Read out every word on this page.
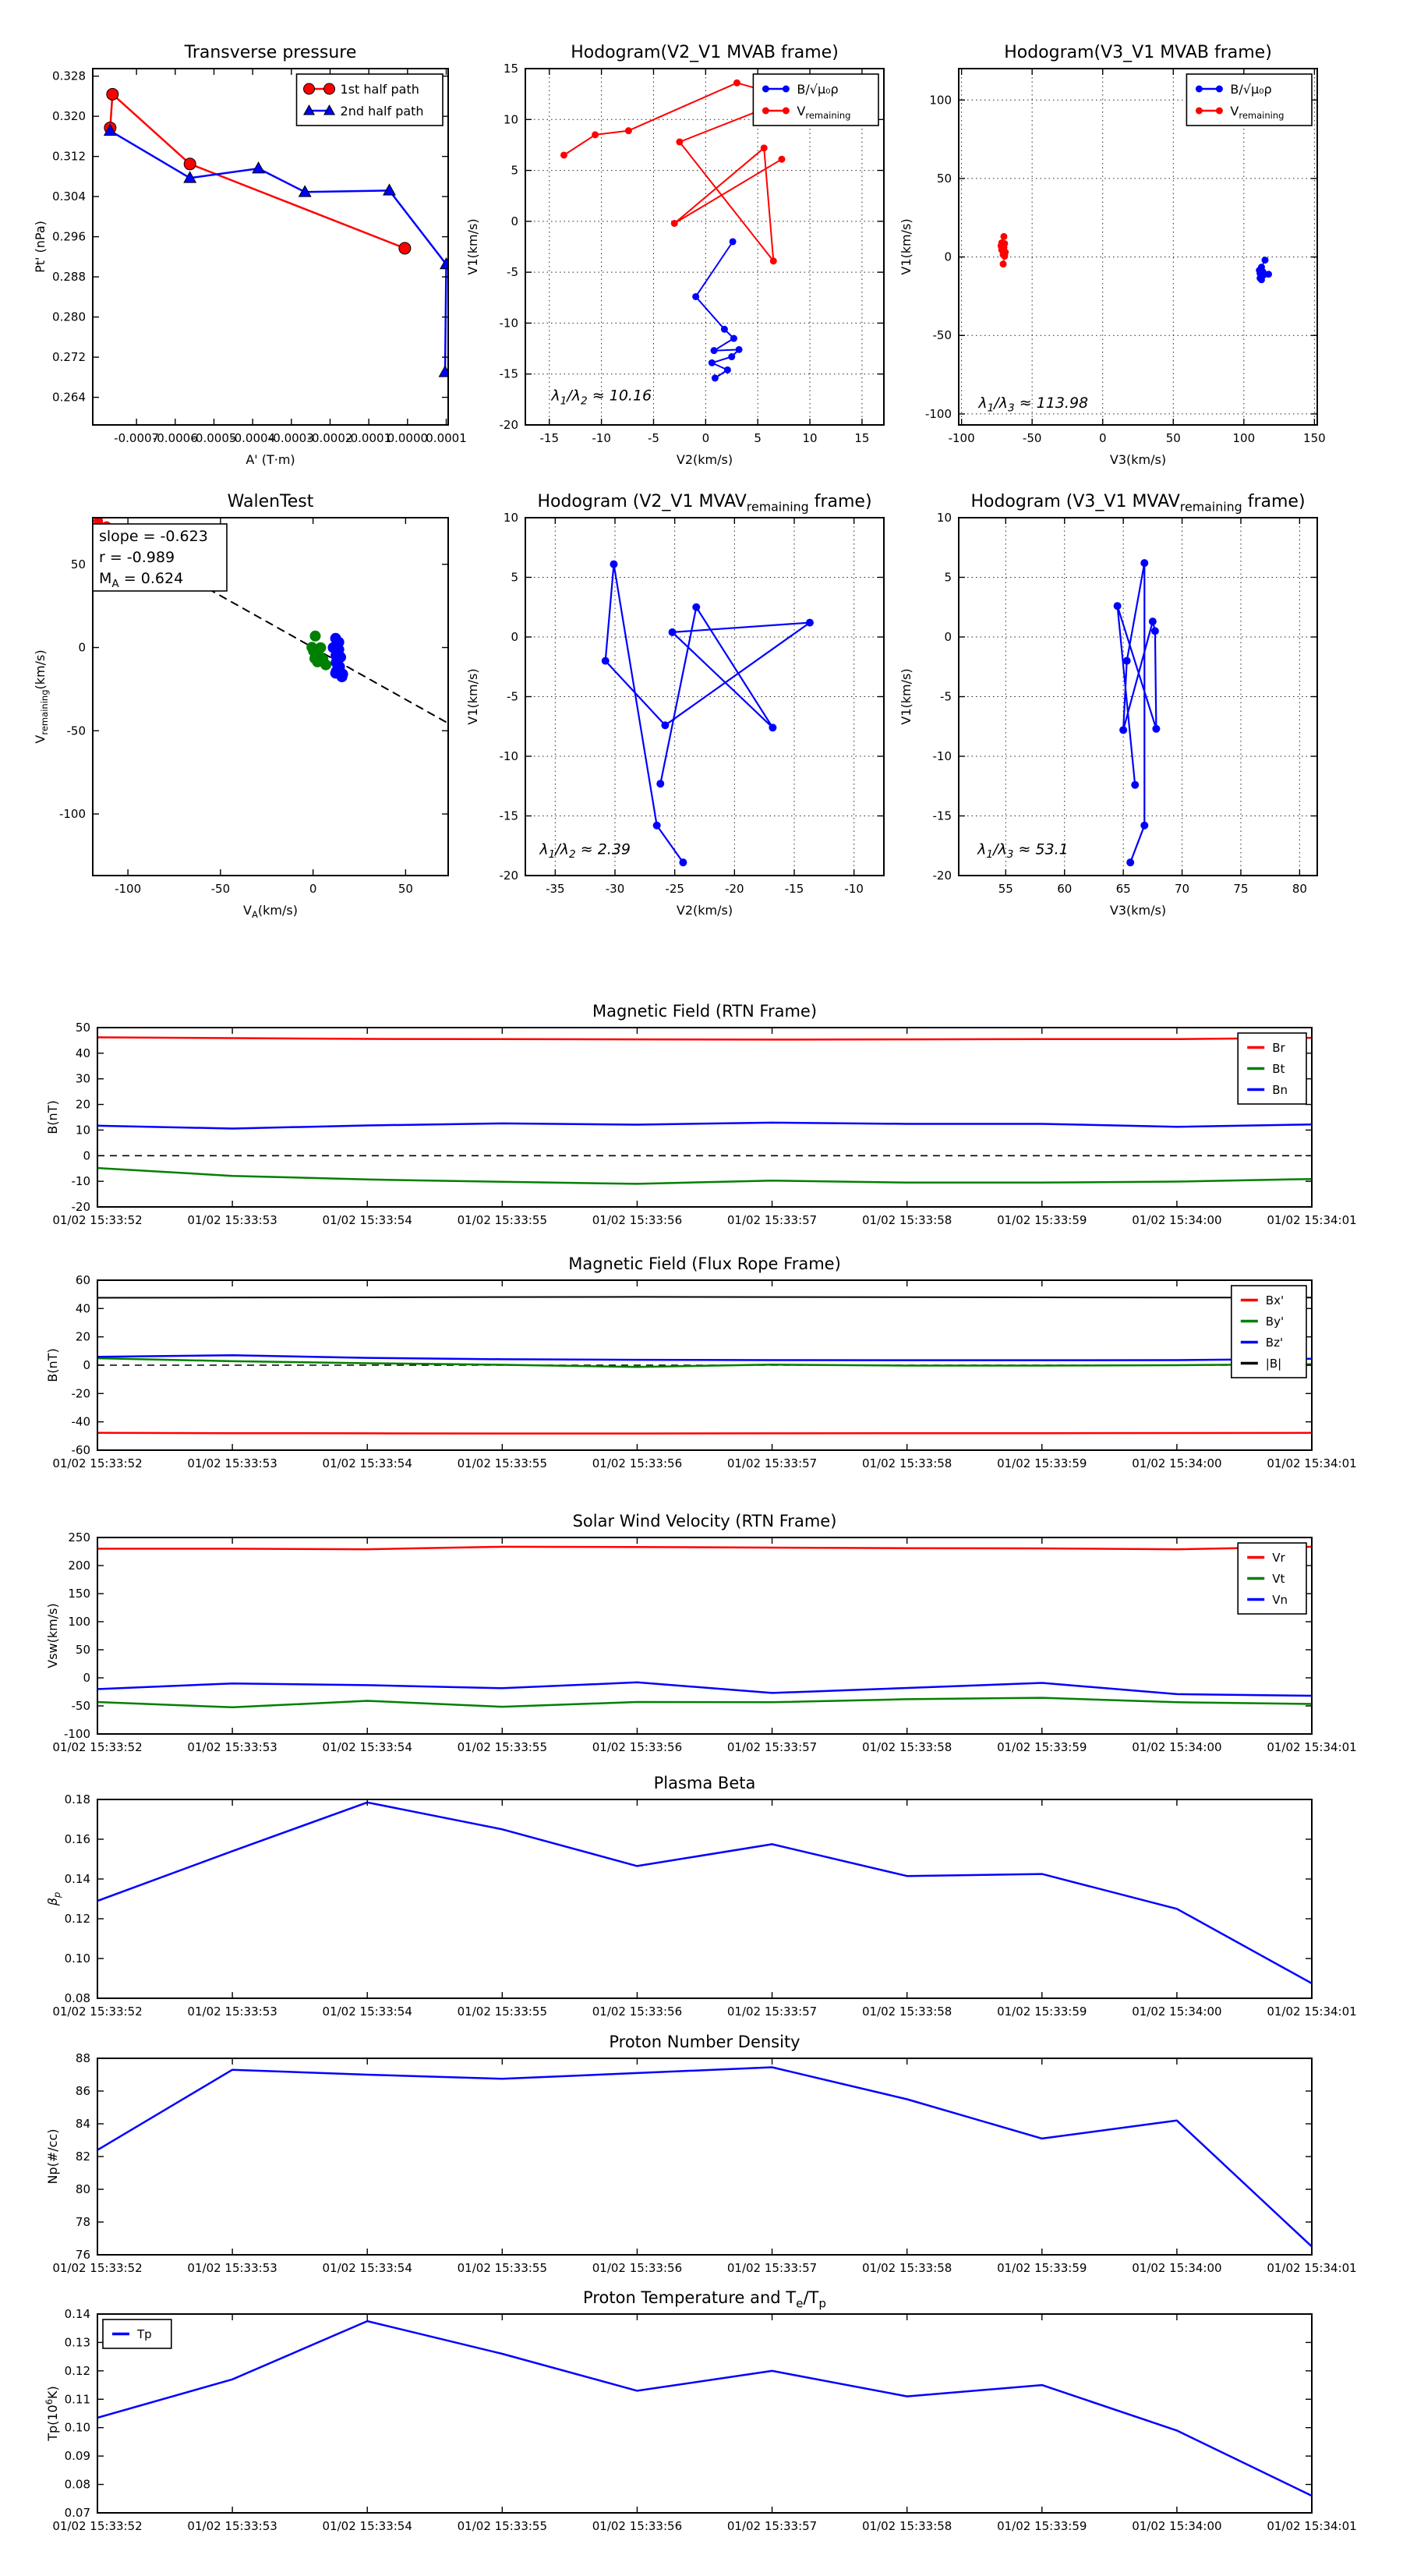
-0.0007
-0.0006
-0.0005
-0.0004
-0.0003
-0.0002
-0.0001
0.0000
0.0001
0.264
0.272
0.280
0.288
0.296
0.304
0.312
0.320
0.328
Transverse pressure
A' (T·m)
Pt' (nPa)
1st half path
2nd half path
-15	-10	-5	0	5	10	15
-20
-15
-10
-5
0
5
10
15
Hodogram(V2_V1 MVAB frame)
V2(km/s)
V1(km/s)
$\lambda_1/\lambda_2 \approx 10.16$
B/√μ₀ρ
$V_{remaining}$
-100	-50	0	50	100	150
-100
-50
0
50
100
Hodogram(V3_V1 MVAB frame)
V3(km/s)
V1(km/s)
$\lambda_1/\lambda_3 \approx 113.98$
B/√μ₀ρ
$V_{remaining}$
-100	-50	0	50
-100
-50
0
50
WalenTest
$V_A(km/s)$
$V_{remaining}(km/s)$
slope = -0.623
r = -0.989
$M_A = 0.624$
-35	-30	-25	-20	-15	-10
-20
-15
-10
-5
0
5
10
Hodogram (V2_V1 $MVAV_{remaining}$ frame)
V2(km/s)
V1(km/s)
$\lambda_1/\lambda_2 \approx 2.39$
55	60	65	70	75	80
-20
-15
-10
-5
0
5
10
Hodogram (V3_V1 $MVAV_{remaining}$ frame)
V3(km/s)
V1(km/s)
$\lambda_1/\lambda_3 \approx 53.1$
01/02 15:33:52	01/02 15:33:53	01/02 15:33:54	01/02 15:33:55	01/02 15:33:56	01/02 15:33:57	01/02 15:33:58	01/02 15:33:59	01/02 15:34:00	01/02 15:34:01
-20
-10
0
10
20
30
40
50
Magnetic Field (RTN Frame)
B(nT)
Br
Bt
Bn
01/02 15:33:52	01/02 15:33:53	01/02 15:33:54	01/02 15:33:55	01/02 15:33:56	01/02 15:33:57	01/02 15:33:58	01/02 15:33:59	01/02 15:34:00	01/02 15:34:01
-60
-40
-20
0
20
40
60
Magnetic Field (Flux Rope Frame)
B(nT)
Bx'
By'
Bz'
|B|
01/02 15:33:52	01/02 15:33:53	01/02 15:33:54	01/02 15:33:55	01/02 15:33:56	01/02 15:33:57	01/02 15:33:58	01/02 15:33:59	01/02 15:34:00	01/02 15:34:01
-100
-50
0
50
100
150
200
250
Solar Wind Velocity (RTN Frame)
Vsw(km/s)
Vr
Vt
Vn
01/02 15:33:52	01/02 15:33:53	01/02 15:33:54	01/02 15:33:55	01/02 15:33:56	01/02 15:33:57	01/02 15:33:58	01/02 15:33:59	01/02 15:34:00	01/02 15:34:01
0.08
0.10
0.12
0.14
0.16
0.18
Plasma Beta
$\beta_p$
01/02 15:33:52	01/02 15:33:53	01/02 15:33:54	01/02 15:33:55	01/02 15:33:56	01/02 15:33:57	01/02 15:33:58	01/02 15:33:59	01/02 15:34:00	01/02 15:34:01
76
78
80
82
84
86
88
Proton Number Density
Np(#/cc)
01/02 15:33:52	01/02 15:33:53	01/02 15:33:54	01/02 15:33:55	01/02 15:33:56	01/02 15:33:57	01/02 15:33:58	01/02 15:33:59	01/02 15:34:00	01/02 15:34:01
0.07
0.08
0.09
0.10
0.11
0.12
0.13
0.14
Proton Temperature and $T_e/T_p$
$Tp(10^6K)$
Tp
